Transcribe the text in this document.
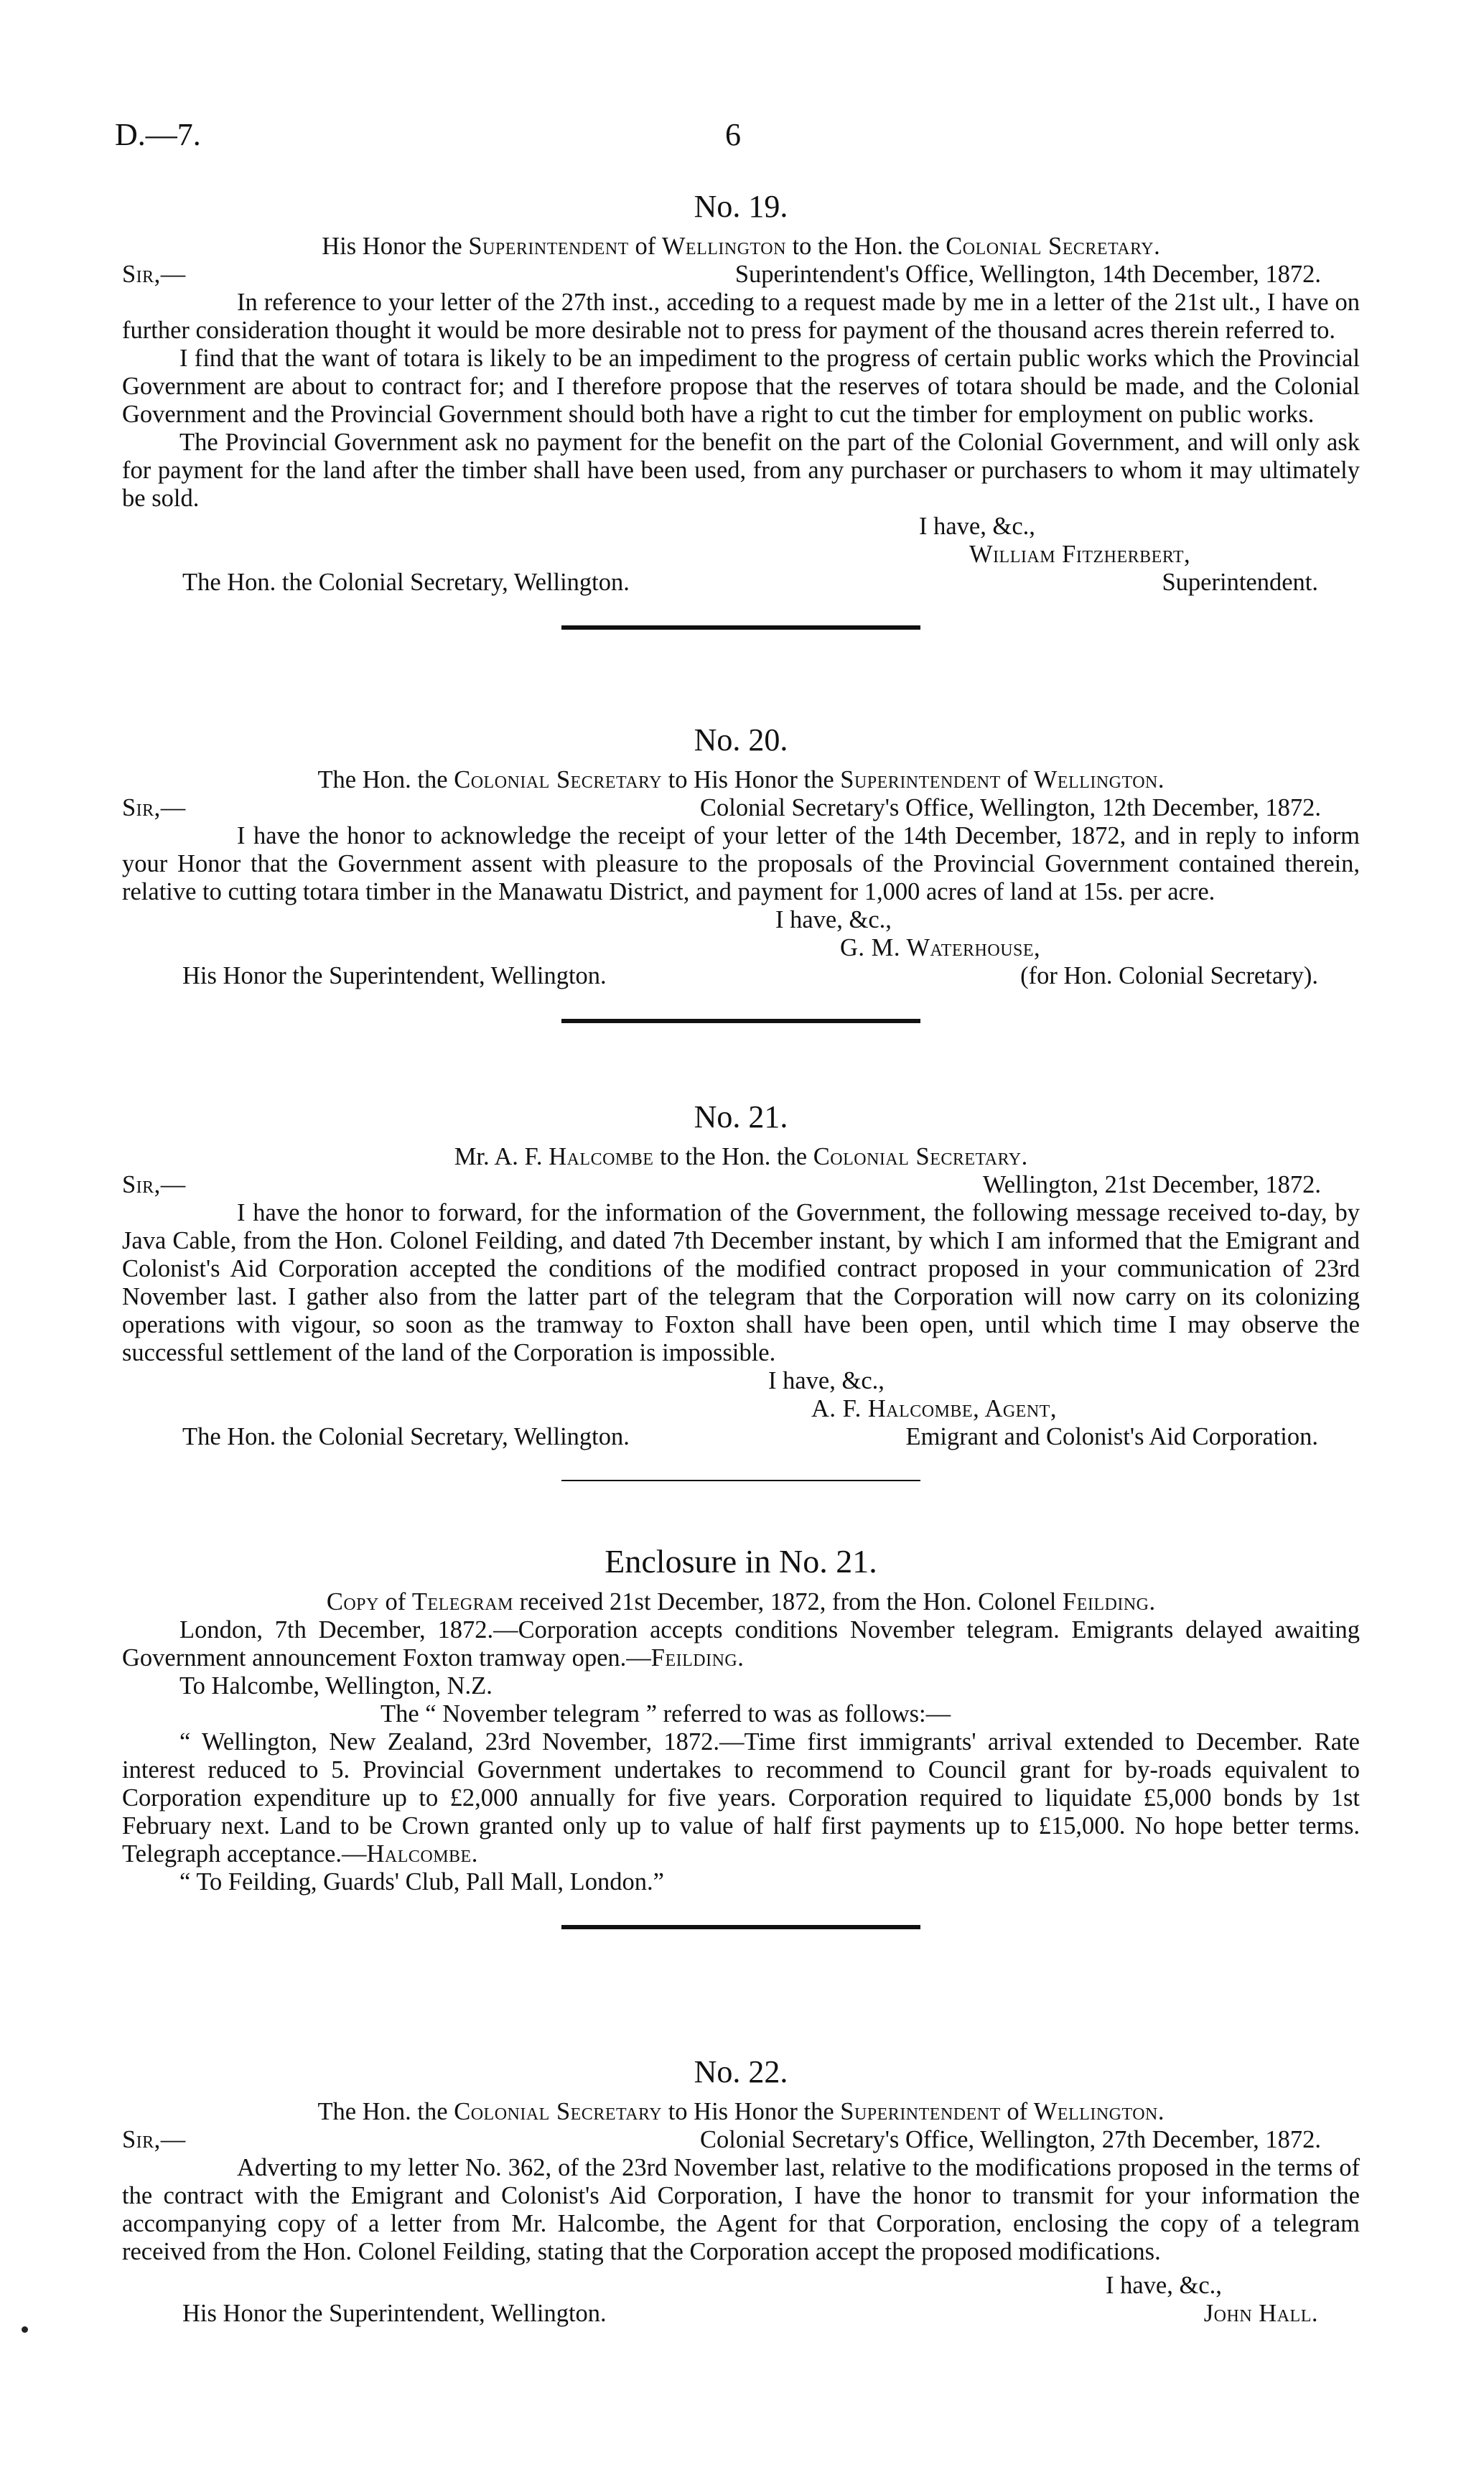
D.—7.	6
No. 19.
His Honor the Superintendent of Wellington to the Hon. the Colonial Secretary.
Sir,—	Superintendent's Office, Wellington, 14th December, 1872.

In reference to your letter of the 27th inst., acceding to a request made by me in a letter of the 21st ult., I have on further consideration thought it would be more desirable not to press for payment of the thousand acres therein referred to.

I find that the want of totara is likely to be an impediment to the progress of certain public works which the Provincial Government are about to contract for; and I therefore propose that the reserves of totara should be made, and the Colonial Government and the Provincial Government should both have a right to cut the timber for employment on public works.

The Provincial Government ask no payment for the benefit on the part of the Colonial Government, and will only ask for payment for the land after the timber shall have been used, from any purchaser or purchasers to whom it may ultimately be sold.

I have, &c.,
William Fitzherbert,
The Hon. the Colonial Secretary, Wellington.	Superintendent.
No. 20.
The Hon. the Colonial Secretary to His Honor the Superintendent of Wellington.
Sir,—	Colonial Secretary's Office, Wellington, 12th December, 1872.

I have the honor to acknowledge the receipt of your letter of the 14th December, 1872, and in reply to inform your Honor that the Government assent with pleasure to the proposals of the Provincial Government contained therein, relative to cutting totara timber in the Manawatu District, and payment for 1,000 acres of land at 15s. per acre.

I have, &c.,
G. M. Waterhouse,
His Honor the Superintendent, Wellington.	(for Hon. Colonial Secretary).
No. 21.
Mr. A. F. Halcombe to the Hon. the Colonial Secretary.
Sir,—	Wellington, 21st December, 1872.

I have the honor to forward, for the information of the Government, the following message received to-day, by Java Cable, from the Hon. Colonel Feilding, and dated 7th December instant, by which I am informed that the Emigrant and Colonist's Aid Corporation accepted the conditions of the modified contract proposed in your communication of 23rd November last. I gather also from the latter part of the telegram that the Corporation will now carry on its colonizing operations with vigour, so soon as the tramway to Foxton shall have been open, until which time I may observe the successful settlement of the land of the Corporation is impossible.

I have, &c.,
A. F. Halcombe, Agent,
The Hon. the Colonial Secretary, Wellington.	Emigrant and Colonist's Aid Corporation.
Enclosure in No. 21.
Copy of Telegram received 21st December, 1872, from the Hon. Colonel Feilding.

London, 7th December, 1872.—Corporation accepts conditions November telegram. Emigrants delayed awaiting Government announcement Foxton tramway open.—Feilding.

To Halcombe, Wellington, N.Z.
The “ November telegram ” referred to was as follows:—

“ Wellington, New Zealand, 23rd November, 1872.—Time first immigrants' arrival extended to December. Rate interest reduced to 5. Provincial Government undertakes to recommend to Council grant for by-roads equivalent to Corporation expenditure up to £2,000 annually for five years. Corporation required to liquidate £5,000 bonds by 1st February next. Land to be Crown granted only up to value of half first payments up to £15,000. No hope better terms. Telegraph acceptance.—Halcombe.

“ To Feilding, Guards' Club, Pall Mall, London.”
No. 22.
The Hon. the Colonial Secretary to His Honor the Superintendent of Wellington.
Sir,—	Colonial Secretary's Office, Wellington, 27th December, 1872.

Adverting to my letter No. 362, of the 23rd November last, relative to the modifications proposed in the terms of the contract with the Emigrant and Colonist's Aid Corporation, I have the honor to transmit for your information the accompanying copy of a letter from Mr. Halcombe, the Agent for that Corporation, enclosing the copy of a telegram received from the Hon. Colonel Feilding, stating that the Corporation accept the proposed modifications.

I have, &c.,
His Honor the Superintendent, Wellington.	John Hall.
